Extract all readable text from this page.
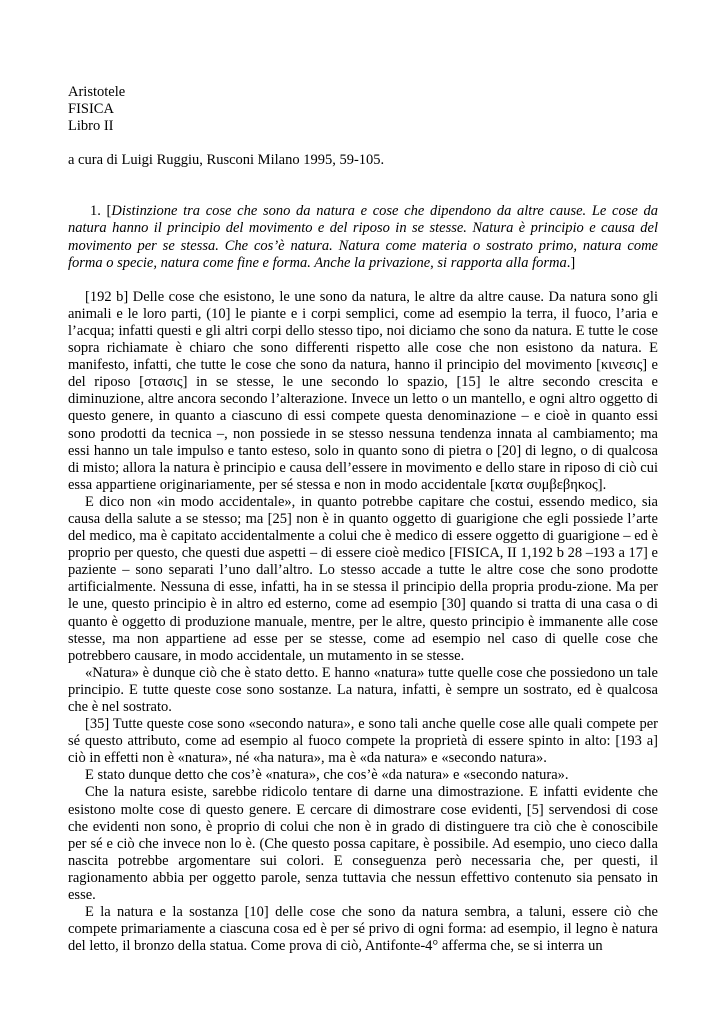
Aristotele
FISICA
Libro II
a cura di Luigi Ruggiu, Rusconi Milano 1995, 59-105.
1. [Distinzione tra cose che sono da natura e cose che dipendono da altre cause. Le cose da natura hanno il principio del movimento e del riposo in se stesse. Natura è principio e causa del movimento per se stessa. Che cos’è natura. Natura come materia o sostrato primo, natura come forma o specie, natura come fine e forma. Anche la privazione, si rapporta alla forma.]

[192 b] Delle cose che esistono, le une sono da natura, le altre da altre cause. Da natura sono gli animali e le loro parti, (10] le piante e i corpi semplici, come ad esempio la terra, il fuoco, l’aria e l’acqua; infatti questi e gli altri corpi dello stesso tipo, noi diciamo che sono da natura. E tutte le cose sopra richiamate è chiaro che sono differenti rispetto alle cose che non esistono da natura. E manifesto, infatti, che tutte le cose che sono da natura, hanno il principio del movimento [κινεσις] e del riposo [στασις] in se stesse, le une secondo lo spazio, [15] le altre secondo crescita e diminuzione, altre ancora secondo l’alterazione. Invece un letto o un mantello, e ogni altro oggetto di questo genere, in quanto a ciascuno di essi compete questa denominazione – e cioè in quanto essi sono prodotti da tecnica –, non possiede in se stesso nessuna tendenza innata al cambiamento; ma essi hanno un tale impulso e tanto esteso, solo in quanto sono di pietra o [20] di legno, o di qualcosa di misto; allora la natura è principio e causa dell’essere in movimento e dello stare in riposo di ciò cui essa appartiene originariamente, per sé stessa e non in modo accidentale [κατα συμβεβηκος].

E dico non «in modo accidentale», in quanto potrebbe capitare che costui, essendo medico, sia causa della salute a se stesso; ma [25] non è in quanto oggetto di guarigione che egli possiede l’arte del medico, ma è capitato accidentalmente a colui che è medico di essere oggetto di guarigione – ed è proprio per questo, che questi due aspetti – di essere cioè medico [FISICA, II 1,192 b 28 –193 a 17] e paziente – sono separati l’uno dall’altro. Lo stesso accade a tutte le altre cose che sono prodotte artificialmente. Nessuna di esse, infatti, ha in se stessa il principio della propria produ-zione. Ma per le une, questo principio è in altro ed esterno, come ad esempio [30] quando si tratta di una casa o di quanto è oggetto di produzione manuale, mentre, per le altre, questo principio è immanente alle cose stesse, ma non appartiene ad esse per se stesse, come ad esempio nel caso di quelle cose che potrebbero causare, in modo accidentale, un mutamento in se stesse.

«Natura» è dunque ciò che è stato detto. E hanno «natura» tutte quelle cose che possiedono un tale principio. E tutte queste cose sono sostanze. La natura, infatti, è sempre un sostrato, ed è qualcosa che è nel sostrato.

[35] Tutte queste cose sono «secondo natura», e sono tali anche quelle cose alle quali compete per sé questo attributo, come ad esempio al fuoco compete la proprietà di essere spinto in alto: [193 a] ciò in effetti non è «natura», né «ha natura», ma è «da natura» e «secondo natura».

E stato dunque detto che cos’è «natura», che cos’è «da natura» e «secondo natura».

Che la natura esiste, sarebbe ridicolo tentare di darne una dimostrazione. E infatti evidente che esistono molte cose di questo genere. E cercare di dimostrare cose evidenti, [5] servendosi di cose che evidenti non sono, è proprio di colui che non è in grado di distinguere tra ciò che è conoscibile per sé e ciò che invece non lo è. (Che questo possa capitare, è possibile. Ad esempio, uno cieco dalla nascita potrebbe argomentare sui colori. E conseguenza però necessaria che, per questi, il ragionamento abbia per oggetto parole, senza tuttavia che nessun effettivo contenuto sia pensato in esse.

E la natura e la sostanza [10] delle cose che sono da natura sembra, a taluni, essere ciò che compete primariamente a ciascuna cosa ed è per sé privo di ogni forma: ad esempio, il legno è natura del letto, il bronzo della statua. Come prova di ciò, Antifonte-4° afferma che, se si interra un
